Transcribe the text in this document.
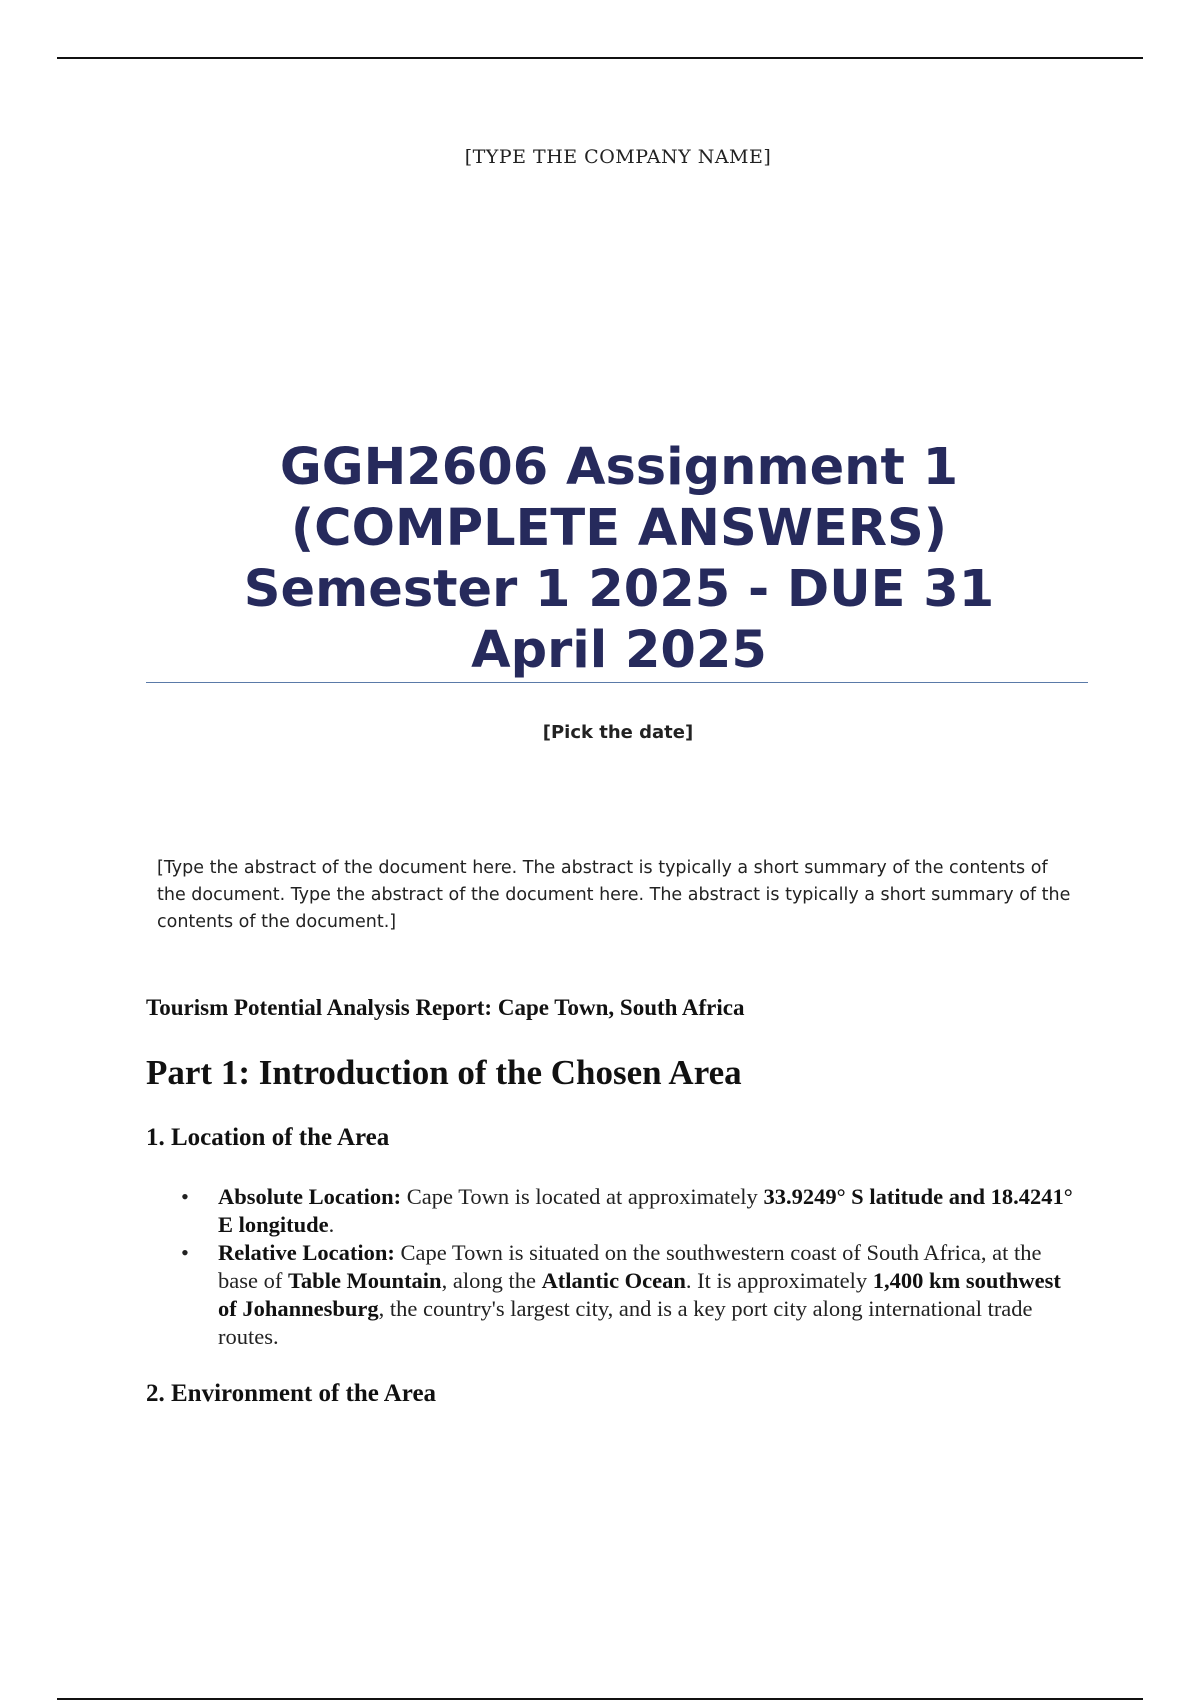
[TYPE THE COMPANY NAME]
GGH2606 Assignment 1
(COMPLETE ANSWERS)
Semester 1 2025 - DUE 31
April 2025
[Pick the date]

[Type the abstract of the document here. The abstract is typically a short summary of the contents of the document. Type the abstract of the document here. The abstract is typically a short summary of the contents of the document.]

Tourism Potential Analysis Report: Cape Town, South Africa

Part 1: Introduction of the Chosen Area
1. Location of the Area
• Absolute Location: Cape Town is located at approximately 33.9249° S latitude and 18.4241° E longitude.
• Relative Location: Cape Town is situated on the southwestern coast of South Africa, at the base of Table Mountain, along the Atlantic Ocean. It is approximately 1,400 km southwest of Johannesburg, the country's largest city, and is a key port city along international trade routes.
2. Environment of the Area
